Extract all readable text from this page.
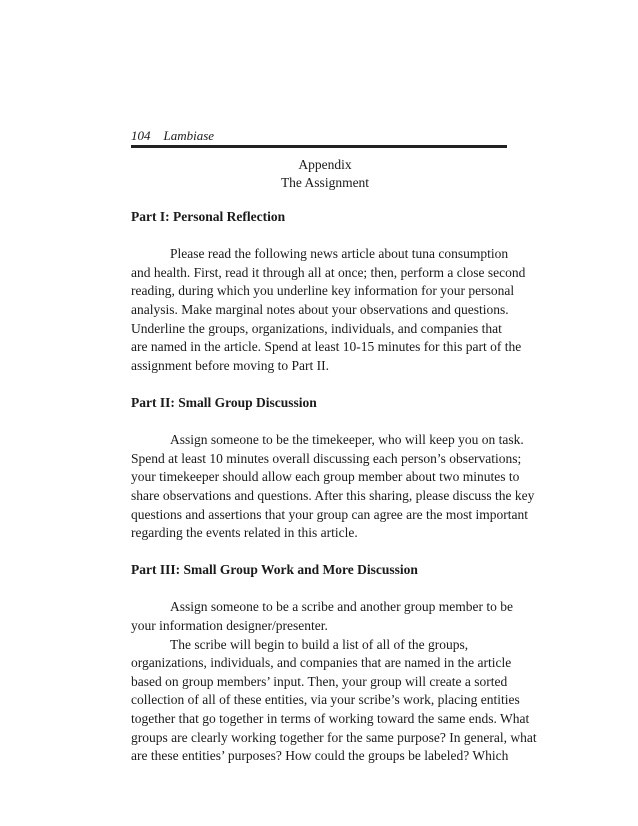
104 Lambiase
Appendix
The Assignment
Part I: Personal Reflection
Please read the following news article about tuna consumption
and health. First, read it through all at once; then, perform a close second
reading, during which you underline key information for your personal
analysis. Make marginal notes about your observations and questions.
Underline the groups, organizations, individuals, and companies that
are named in the article. Spend at least 10-15 minutes for this part of the
assignment before moving to Part II.
Part II: Small Group Discussion
Assign someone to be the timekeeper, who will keep you on task.
Spend at least 10 minutes overall discussing each person’s observations;
your timekeeper should allow each group member about two minutes to
share observations and questions. After this sharing, please discuss the key
questions and assertions that your group can agree are the most important
regarding the events related in this article.
Part III: Small Group Work and More Discussion
Assign someone to be a scribe and another group member to be
your information designer/presenter.
The scribe will begin to build a list of all of the groups,
organizations, individuals, and companies that are named in the article
based on group members’ input. Then, your group will create a sorted
collection of all of these entities, via your scribe’s work, placing entities
together that go together in terms of working toward the same ends. What
groups are clearly working together for the same purpose? In general, what
are these entities’ purposes? How could the groups be labeled? Which
